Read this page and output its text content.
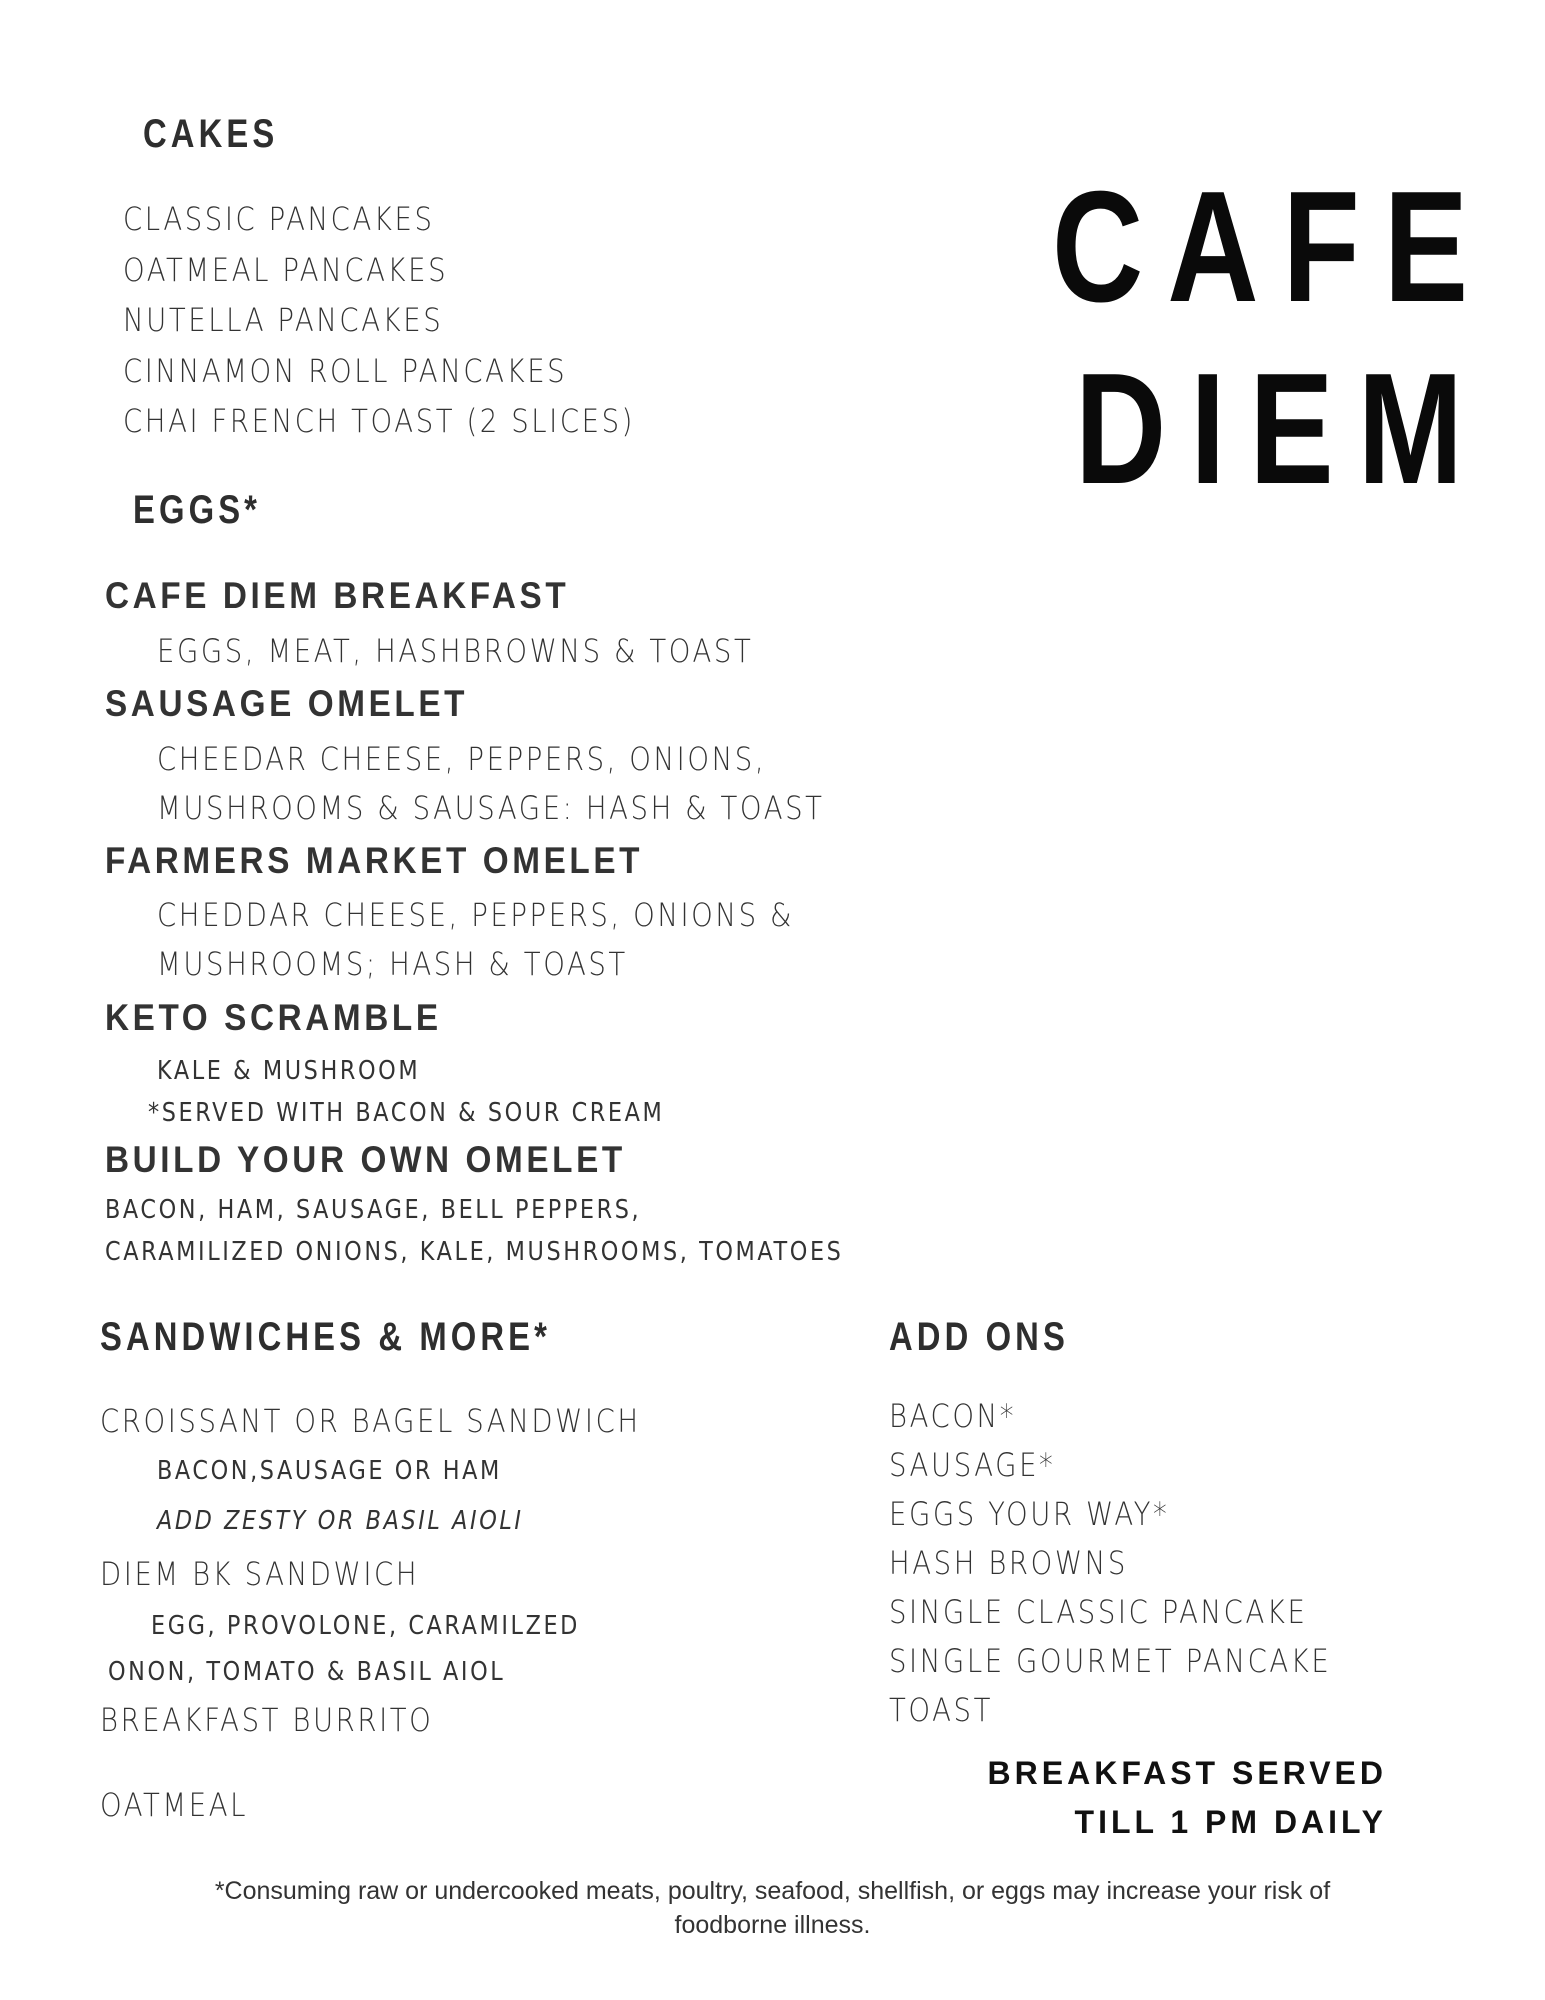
CAFE
DIEM
CAKES
CLASSIC PANCAKES
OATMEAL PANCAKES
NUTELLA PANCAKES
CINNAMON ROLL PANCAKES
CHAI FRENCH TOAST (2 SLICES)
EGGS*
CAFE DIEM BREAKFAST
EGGS, MEAT, HASHBROWNS & TOAST
SAUSAGE OMELET
CHEEDAR CHEESE, PEPPERS, ONIONS,
MUSHROOMS & SAUSAGE: HASH & TOAST
FARMERS MARKET OMELET
CHEDDAR CHEESE, PEPPERS, ONIONS &
MUSHROOMS; HASH & TOAST
KETO SCRAMBLE
KALE & MUSHROOM
*SERVED WITH BACON & SOUR CREAM
BUILD YOUR OWN OMELET
BACON, HAM, SAUSAGE, BELL PEPPERS,
CARAMILIZED ONIONS, KALE, MUSHROOMS, TOMATOES
SANDWICHES & MORE*
CROISSANT OR BAGEL SANDWICH
BACON,SAUSAGE OR HAM
ADD ZESTY OR BASIL AIOLI
DIEM BK SANDWICH
EGG, PROVOLONE, CARAMILZED
ONON, TOMATO & BASIL AIOL
BREAKFAST BURRITO
OATMEAL
ADD ONS
BACON*
SAUSAGE*
EGGS YOUR WAY*
HASH BROWNS
SINGLE CLASSIC PANCAKE
SINGLE GOURMET PANCAKE
TOAST
BREAKFAST SERVED
TILL 1 PM DAILY
*Consuming raw or undercooked meats, poultry, seafood, shellfish, or eggs may increase your risk of foodborne illness.
